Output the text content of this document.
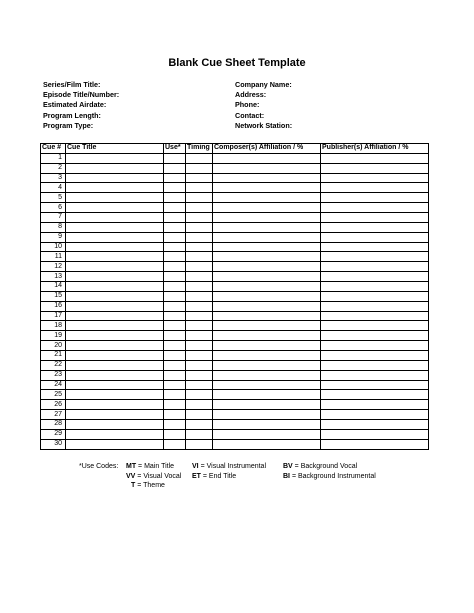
Blank Cue Sheet Template
Series/Film Title:
Episode Title/Number:
Estimated Airdate:
Program Length:
Program Type:
Company Name:
Address:
Phone:
Contact:
Network Station:
Cue #	Cue Title	Use*	Timing	Composer(s) Affiliation / %	Publisher(s) Affiliation / %
1					
2					
3					
4					
5					
6					
7					
8					
9					
10					
11					
12					
13					
14					
15					
16					
17					
18					
19					
20					
21					
22					
23					
24					
25					
26					
27					
28					
29					
30					
*Use Codes: MT = Main Title	VI = Visual Instrumental BV = Background Vocal
VV = Visual Vocal ET = End Title	BI = Background Instrumental
T = Theme
